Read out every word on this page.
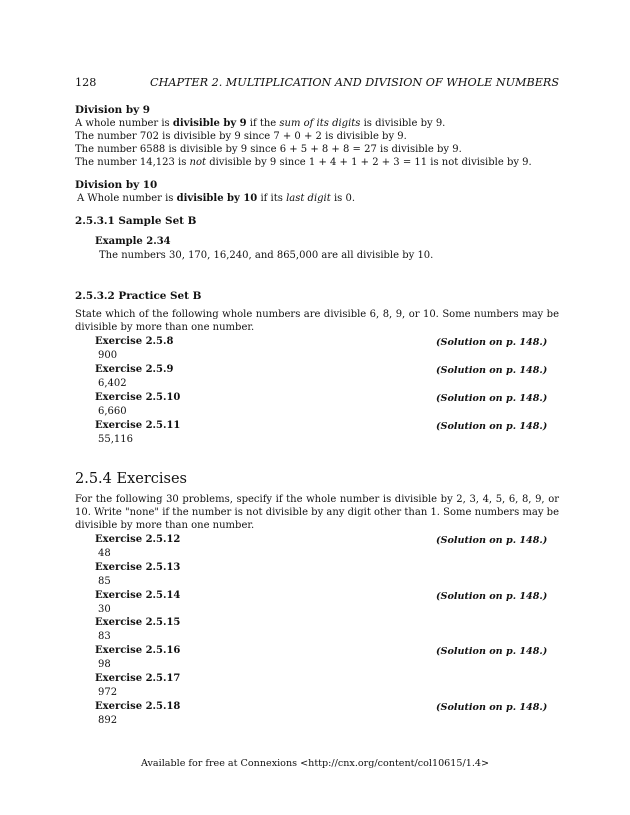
128	CHAPTER 2. MULTIPLICATION AND DIVISION OF WHOLE NUMBERS
Division by 9
A whole number is divisible by 9 if the sum of its digits is divisible by 9.
The number 702 is divisible by 9 since 7 + 0 + 2 is divisible by 9.
The number 6588 is divisible by 9 since 6 + 5 + 8 + 8 = 27 is divisible by 9.
The number 14,123 is not divisible by 9 since 1 + 4 + 1 + 2 + 3 = 11 is not divisible by 9.
Division by 10
A Whole number is divisible by 10 if its last digit is 0.
2.5.3.1 Sample Set B
Example 2.34
The numbers 30, 170, 16,240, and 865,000 are all divisible by 10.
2.5.3.2 Practice Set B
State which of the following whole numbers are divisible 6, 8, 9, or 10. Some numbers may be divisible by more than one number.
Exercise 2.5.8	(Solution on p. 148.)
900
Exercise 2.5.9	(Solution on p. 148.)
6,402
Exercise 2.5.10	(Solution on p. 148.)
6,660
Exercise 2.5.11	(Solution on p. 148.)
55,116
2.5.4 Exercises
For the following 30 problems, specify if the whole number is divisible by 2, 3, 4, 5, 6, 8, 9, or 10. Write "none" if the number is not divisible by any digit other than 1. Some numbers may be divisible by more than one number.
Exercise 2.5.12	(Solution on p. 148.)
48
Exercise 2.5.13
85
Exercise 2.5.14	(Solution on p. 148.)
30
Exercise 2.5.15
83
Exercise 2.5.16	(Solution on p. 148.)
98
Exercise 2.5.17
972
Exercise 2.5.18	(Solution on p. 148.)
892
Available for free at Connexions <http://cnx.org/content/col10615/1.4>
